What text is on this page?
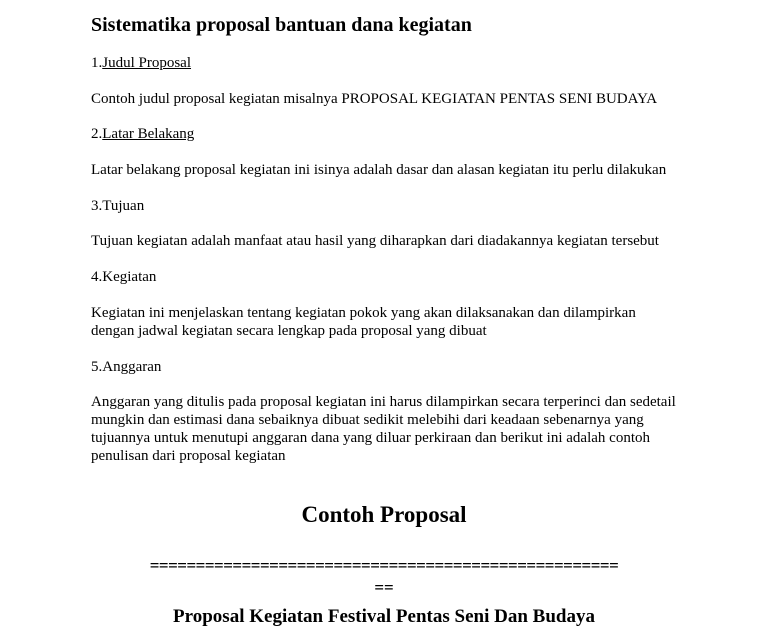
Sistematika proposal bantuan dana kegiatan

1.Judul Proposal

Contoh judul proposal kegiatan misalnya PROPOSAL KEGIATAN PENTAS SENI BUDAYA

2.Latar Belakang

Latar belakang proposal kegiatan ini isinya adalah dasar dan alasan kegiatan itu perlu dilakukan

3.Tujuan

Tujuan kegiatan adalah manfaat atau hasil yang diharapkan dari diadakannya kegiatan tersebut

4.Kegiatan

Kegiatan ini menjelaskan tentang kegiatan pokok yang akan dilaksanakan dan dilampirkan dengan jadwal kegiatan secara lengkap pada proposal yang dibuat

5.Anggaran

Anggaran yang ditulis pada proposal kegiatan ini harus dilampirkan secara terperinci dan sedetail mungkin dan estimasi dana sebaiknya dibuat sedikit melebihi dari keadaan sebenarnya yang tujuannya untuk menutupi anggaran dana yang diluar perkiraan dan berikut ini adalah contoh penulisan dari proposal kegiatan

Contoh Proposal
===================================================
==
Proposal Kegiatan Festival Pentas Seni Dan Budaya
